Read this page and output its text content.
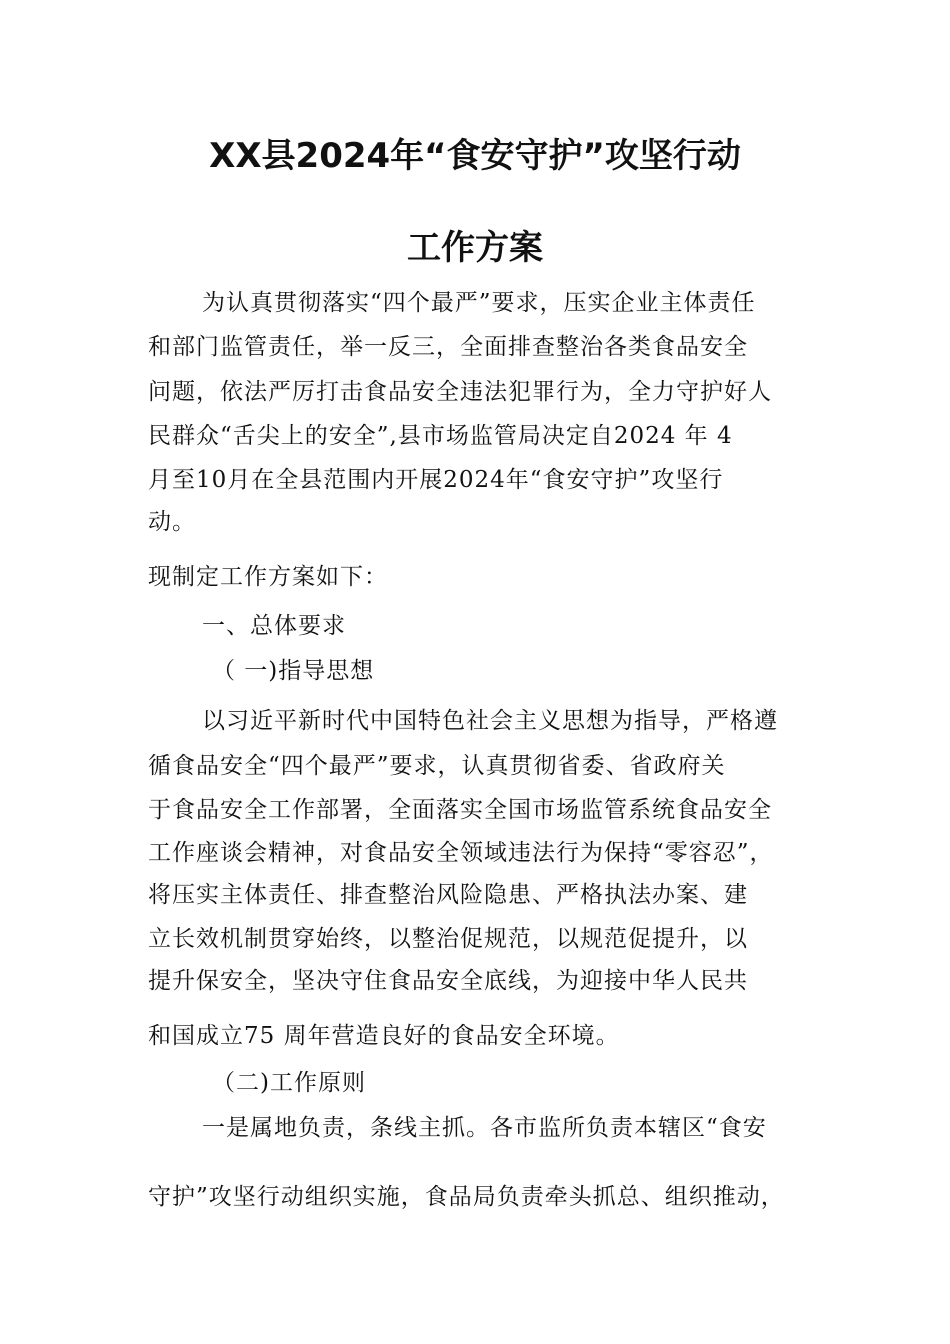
XX县2024年“食安守护”攻坚行动
工作方案
为认真贯彻落实“四个最严”要求，压实企业主体责任
和部门监管责任，举一反三，全面排查整治各类食品安全
问题，依法严厉打击食品安全违法犯罪行为，全力守护好人
民群众“舌尖上的安全”,县市场监管局决定自2024 年 4
月至10月在全县范围内开展2024年“食安守护”攻坚行
动。
现制定工作方案如下：
一、总体要求
（ 一)指导思想
以习近平新时代中国特色社会主义思想为指导，严格遵
循食品安全“四个最严”要求，认真贯彻省委、省政府关
于食品安全工作部署，全面落实全国市场监管系统食品安全
工作座谈会精神，对食品安全领域违法行为保持“零容忍”，
将压实主体责任、排查整治风险隐患、严格执法办案、建
立长效机制贯穿始终，以整治促规范，以规范促提升，以
提升保安全，坚决守住食品安全底线，为迎接中华人民共
和国成立75 周年营造良好的食品安全环境。
（二)工作原则
一是属地负责，条线主抓。各市监所负责本辖区“食安
守护”攻坚行动组织实施，食品局负责牵头抓总、组织推动，
